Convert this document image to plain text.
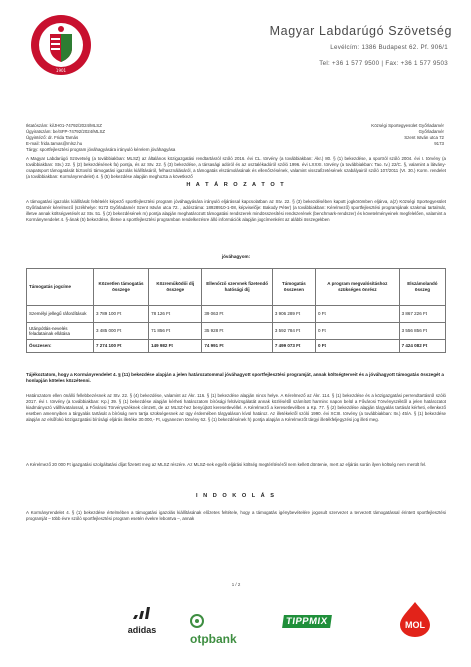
1901
Magyar Labdarúgó Szövetség
Levélcím: 1386 Budapest 62. Pf. 906/1
Tel: +36 1 577 9500 | Fax: +36 1 577 9503
Iktatószám: ki/JH01-74792/2024/MLSZ
Ügyiratszám: be/SFP-74792/2024/MLSZ
Ügyintéző: dr. Frida Tamás
E-mail: frida.tamas@mlsz.hu
Tárgy: sportfejlesztési program jóváhagyására irányuló kérelem jóváhagyása
Községi Sportegyesület Győrladamér
Győrladamér
Szent István utca 72
9173
A Magyar Labdarúgó Szövetség (a továbbiakban: MLSZ) az általános közigazgatási rendtartásról szóló 2016. évi CL. törvény (a továbbiakban: Ákr.) 80. § (1) bekezdése, a sportról szóló 2004. évi I. törvény (a továbbiakban: Stv.) 22. § (2) bekezdésének fa) pontja, és az Stv. 22. § (3) bekezdése, a társasági adóról és az osztalékadóról szóló 1996. évi LXXXI. törvény (a továbbiakban: Tao. tv.) 22/C. §, valamint a látvány-csapatsport támogatását biztosító támogatási igazolás kiállításáról, felhasználásáról, a támogatás elszámolásának és ellenőrzésének, valamint visszafizetésének szabályairól szóló 107/2011 (VI. 30.) Korm. rendelet (a továbbiakban: Kormányrendelet) 4. § (5) bekezdése alapján meghozta a következő
H A T Á R O Z A T O T
A támogatási igazolás kiállítását feltételét képező sportfejlesztési program jóváhagyására irányuló eljárással kapcsolatban az Stv. 22. § (3) bekezdésében kapott jogkörömben eljárva, a(z) Községi Sportegyesület Győrladamér kérelmező (székhelye: 9173 Győrladamér Szent István utca 72. , adószáma: 18928910-1-08, képviselője: Bakody Péter) (a továbbiakban: Kérelmező) sportfejlesztési programjának szakmai tartalmát, illetve annak költségvetését az Stv. 51. § (2) bekezdésének m) pontja alapján meghatározott támogatási rendszerek mindösszesítési rendszerének (benchmark-rendszer) és követelményeinek megfelelően, valamint a Kormányrendelet 4. §-ának (5) bekezdése, illetve a sportfejlesztési programban rendelkezésre álló információk alapján jogcímenként az alábbi összegekben
jóváhagyom:
Támogatás jogcíme	Közvetlen támogatás összege	Közreműködői díj összege	Ellenőrző szervnek fizetendő hatósági díj	Támogatás összesen	A program megvalósításhoz szükséges önrész	Elszámolandó összeg
Személyi jellegű ráfordítások	3 789 100 Ft	78 126 Ft	39 063 Ft	3 906 289 Ft	0 Ft	3 867 226 Ft
Utánpótlás-nevelés feladatainak ellátása	3 485 000 Ft	71 856 Ft	35 928 Ft	3 592 784 Ft	0 Ft	3 556 856 Ft
Összesen:	7 274 100 Ft	149 982 Ft	74 991 Ft	7 499 073 Ft	0 Ft	7 424 082 Ft
Tájékoztatom, hogy a Kormányrendelet 4. § (11) bekezdése alapján a jelen határozatommal jóváhagyott sportfejlesztési programját, annak költségterveit és a jóváhagyott támogatás összegét a honlapján köteles közzétenni.
Határozatom ellen önálló fellebbezésnek az Stv. 22. § (4) bekezdése, valamint az Ákr. 116. § (1) bekezdése alapján nincs helye. A Kérelmező az Ákr. 114. § (1) bekezdése és a közigazgatási perrendtartásról szóló 2017. évi I. törvény (a továbbiakban: Kp.) 39. § (1) bekezdése alapján kérheti határozatom bírósági felülvizsgálatát annak közlésétől számított harminc napon belül a Fővárosi Törvényszéktől a jelen határozatot kiadmányozó vállhivatalossal, a Fővárosi Törvényszéknek címzett, de az MLSZ-hez benyújtott keresetlevéllel. A Kérelmező a keresetlevélben a Kp. 77. § (2) bekezdése alapján tárgyalás tartását kérheti, ellenkező esetben amennyiben a tárgyalás tartását a bíróság nem tartja szükségesnek az ügy érdemében tárgyaláson kívül határoz. Az illetékekről szóló 1990. évi XCIII. törvény (a továbbiakban: Itv.) 45/A. § (1) bekezdése alapján az elsőfokú közigazgatási bírósági eljárás illetéke 30.000,- Ft, ugyanezen törvény 62. § (1) bekezdésének h) pontja alapján a Kérelmezőt tárgyi illetékfeljegyzési jog illeti meg.
A Kérelmező 20 000 Ft igazgatási szolgáltatási díjat fizetett meg az MLSZ részére. Az MLSZ-nek egyéb eljárási költség megtérítéséről nem kellett döntenie, mert az eljárás során ilyen költség nem merült fel.
I N D O K O L Á S
A Kormányrendelet 4. § (1) bekezdése értelmében a támogatási igazolás kiállításának előzetes feltétele, hogy a támogatás igénybevételére jogosult szervezet a tervezett támogatással érintett sportfejlesztési programját – több évre szóló sportfejlesztési program esetén évekre lebontva –, annak
1 / 2
adidas
otpbank
TIPPMIX	MOL
